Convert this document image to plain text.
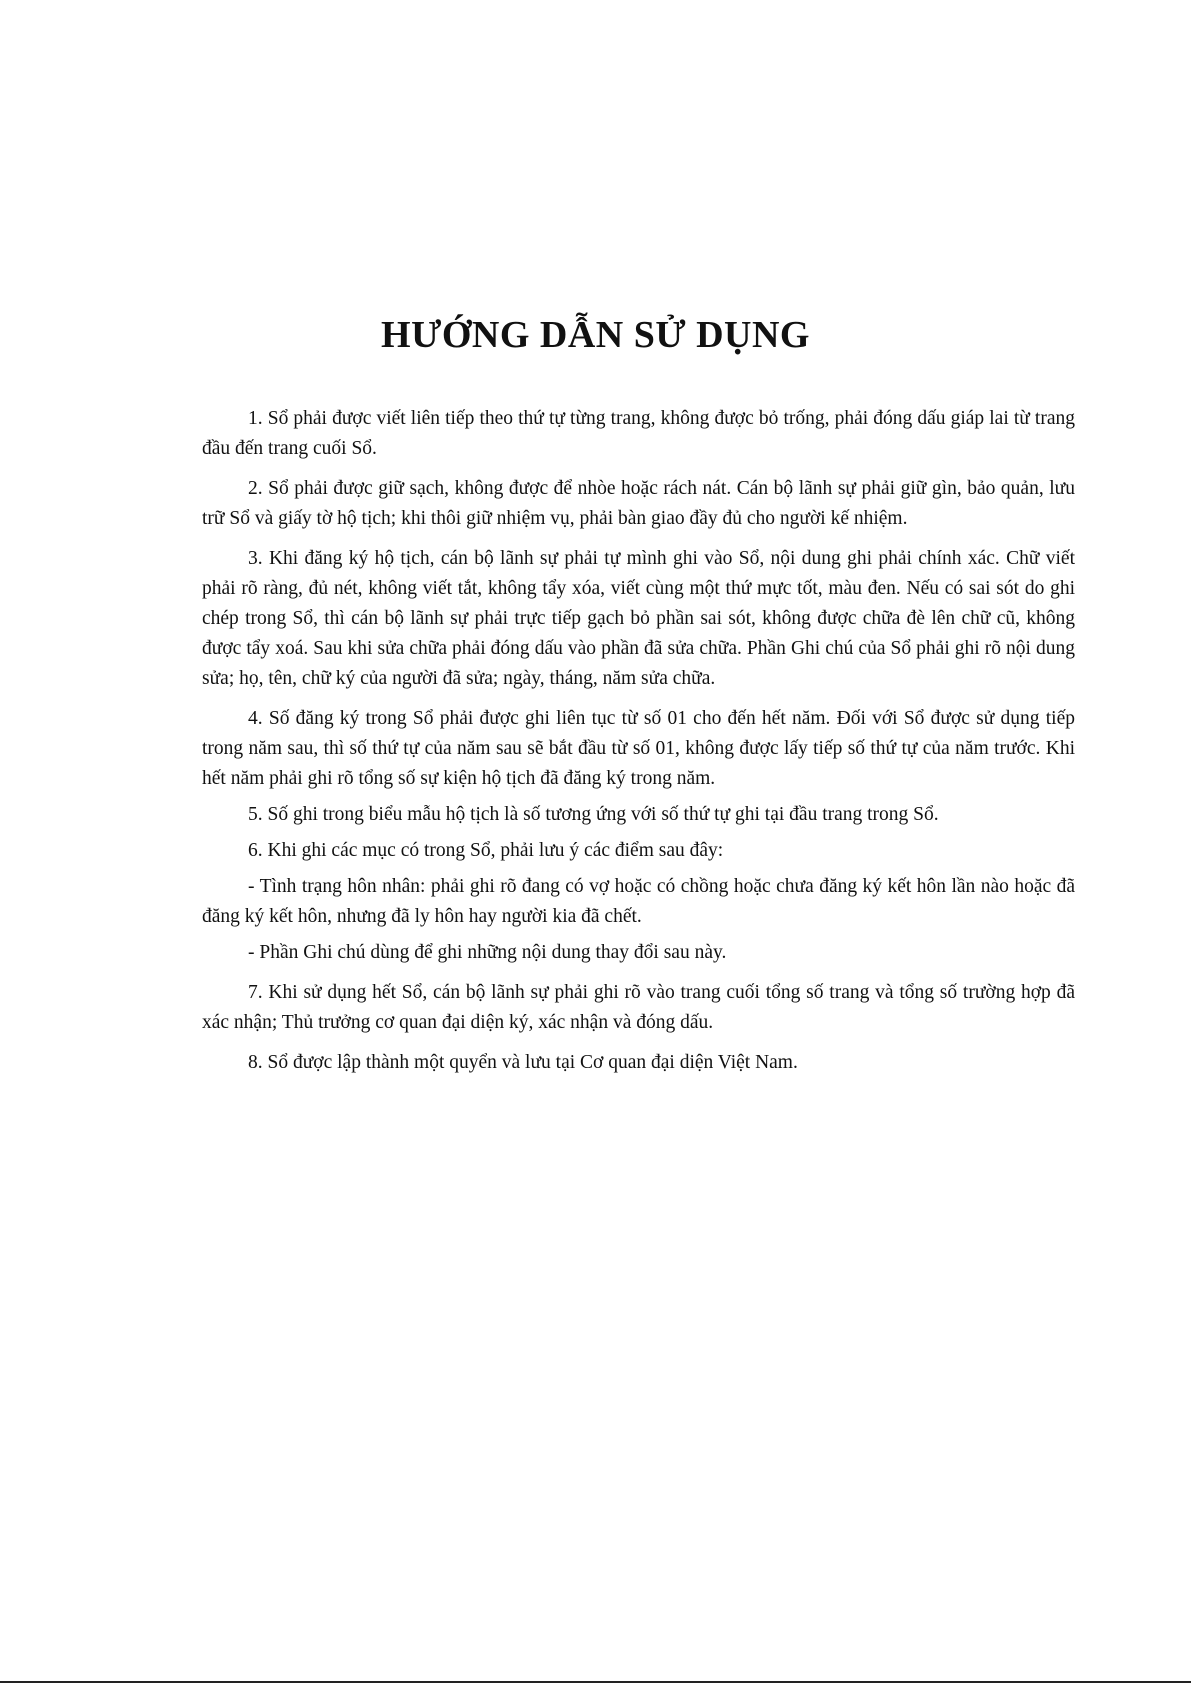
HƯỚNG DẪN SỬ DỤNG

1. Sổ phải được viết liên tiếp theo thứ tự từng trang, không được bỏ trống, phải đóng dấu giáp lai từ trang đầu đến trang cuối Sổ.

2. Sổ phải được giữ sạch, không được để nhòe hoặc rách nát. Cán bộ lãnh sự phải giữ gìn, bảo quản, lưu trữ Sổ và giấy tờ hộ tịch; khi thôi giữ nhiệm vụ, phải bàn giao đầy đủ cho người kế nhiệm.

3. Khi đăng ký hộ tịch, cán bộ lãnh sự phải tự mình ghi vào Sổ, nội dung ghi phải chính xác. Chữ viết phải rõ ràng, đủ nét, không viết tắt, không tẩy xóa, viết cùng một thứ mực tốt, màu đen. Nếu có sai sót do ghi chép trong Sổ, thì cán bộ lãnh sự phải trực tiếp gạch bỏ phần sai sót, không được chữa đè lên chữ cũ, không được tẩy xoá. Sau khi sửa chữa phải đóng dấu vào phần đã sửa chữa. Phần Ghi chú của Sổ phải ghi rõ nội dung sửa; họ, tên, chữ ký của người đã sửa; ngày, tháng, năm sửa chữa.

4. Số đăng ký trong Sổ phải được ghi liên tục từ số 01 cho đến hết năm. Đối với Sổ được sử dụng tiếp trong năm sau, thì số thứ tự của năm sau sẽ bắt đầu từ số 01, không được lấy tiếp số thứ tự của năm trước. Khi hết năm phải ghi rõ tổng số sự kiện hộ tịch đã đăng ký trong năm.

5. Số ghi trong biểu mẫu hộ tịch là số tương ứng với số thứ tự ghi tại đầu trang trong Sổ.

6. Khi ghi các mục có trong Sổ, phải lưu ý các điểm sau đây:

- Tình trạng hôn nhân: phải ghi rõ đang có vợ hoặc có chồng hoặc chưa đăng ký kết hôn lần nào hoặc đã đăng ký kết hôn, nhưng đã ly hôn hay người kia đã chết.

- Phần Ghi chú dùng để ghi những nội dung thay đổi sau này.

7. Khi sử dụng hết Sổ, cán bộ lãnh sự phải ghi rõ vào trang cuối tổng số trang và tổng số trường hợp đã xác nhận; Thủ trưởng cơ quan đại diện ký, xác nhận và đóng dấu.

8. Sổ được lập thành một quyển và lưu tại Cơ quan đại diện Việt Nam.
